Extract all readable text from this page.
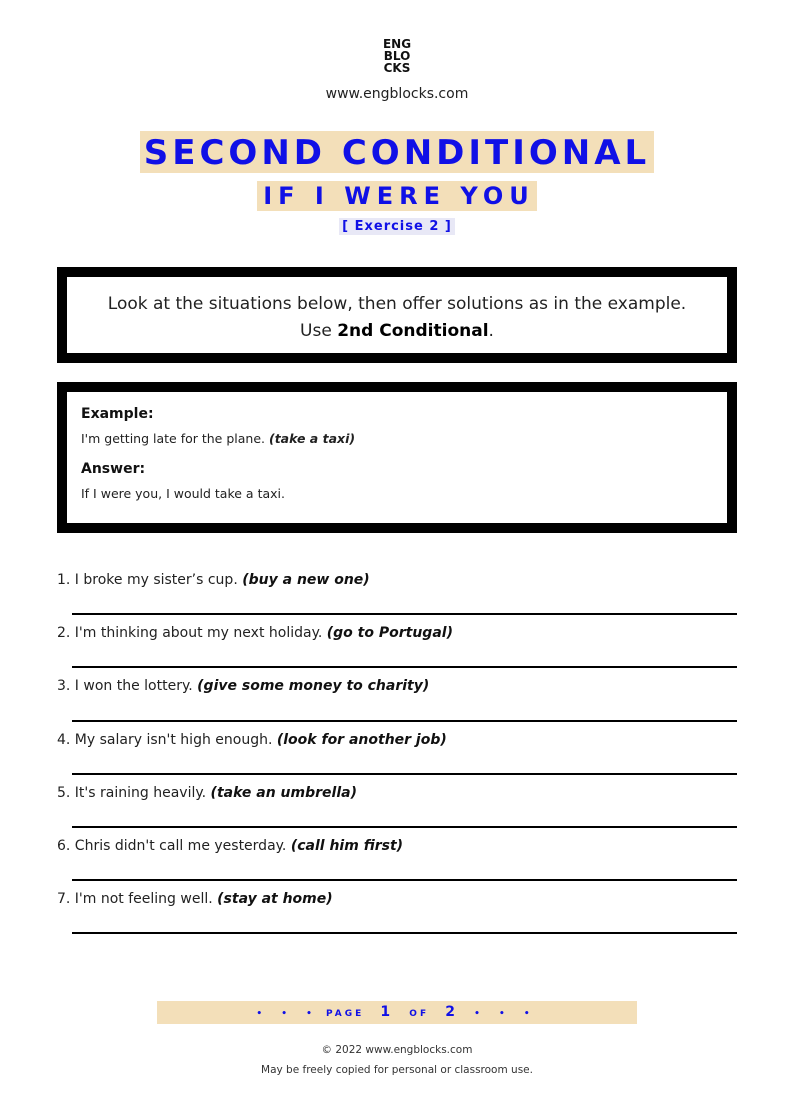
ENG
BLO
CKS
www.engblocks.com
SECOND CONDITIONAL
IF I WERE YOU
[ Exercise 2 ]
Look at the situations below, then offer solutions as in the example.
Use 2nd Conditional.
Example:
I'm getting late for the plane. (take a taxi)
Answer:
If I were you, I would take a taxi.
1. I broke my sister’s cup. (buy a new one)
2. I'm thinking about my next holiday. (go to Portugal)
3. I won the lottery. (give some money to charity)
4. My salary isn't high enough. (look for another job)
5. It's raining heavily. (take an umbrella)
6. Chris didn't call me yesterday. (call him first)
7. I'm not feeling well. (stay at home)
• • • PAGE 1 OF 2 • • •
© 2022 www.engblocks.com
May be freely copied for personal or classroom use.
